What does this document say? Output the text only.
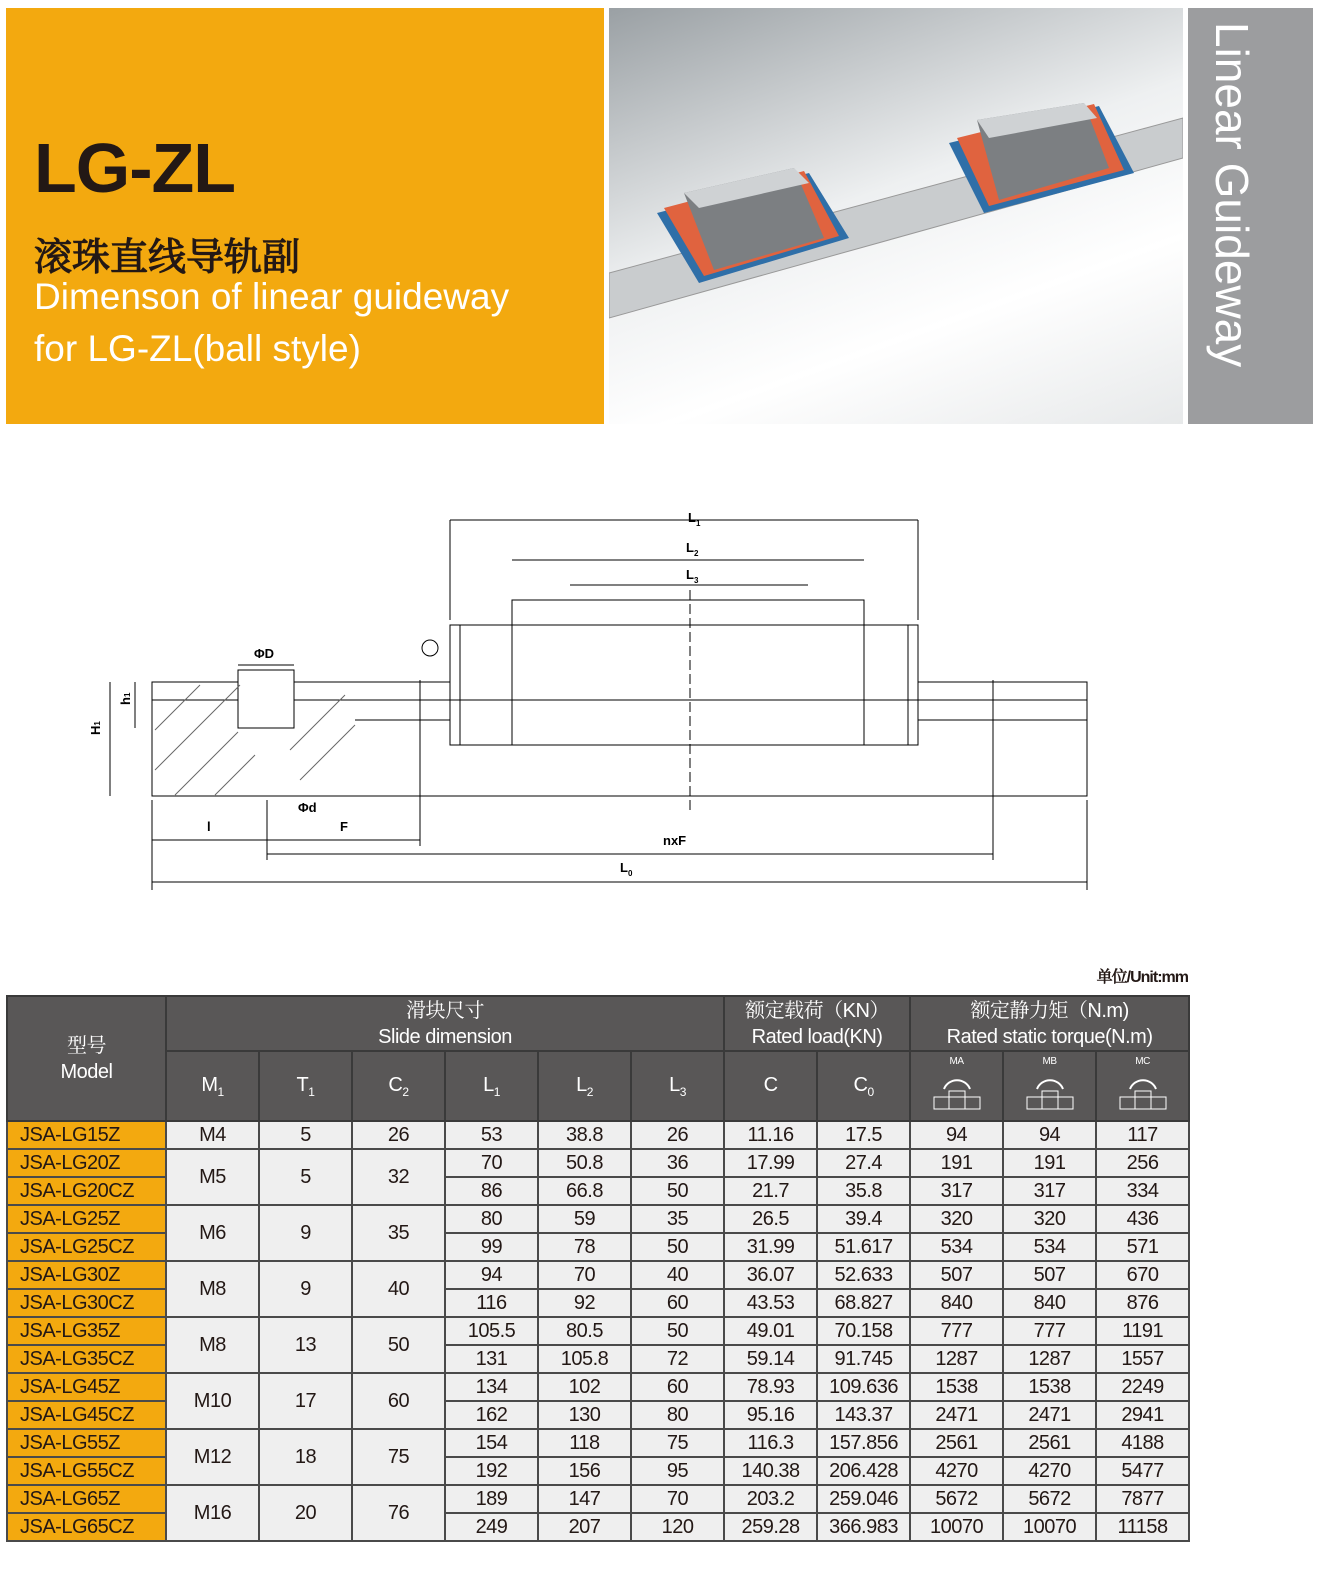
LG-ZL
滚珠直线导轨副
Dimenson of linear guideway
for LG-ZL(ball style)	Linear Guideway
$L_1$
$L_2$
$L_3$
ΦD
h1
H1
Φd
l	F
nxF
$L_0$
单位/Unit:mm
型号
Model	滑块尺寸
Slide dimension						额定载荷（KN）
Rated load(KN)		额定静力矩（N.m)
Rated static torque(N.m)		
	$M_1$	$T_1$	$C_2$	$L_1$	$L_2$	$L_3$	C	$C_0$	MA	MB	MC

JSA-LG15Z	M4	5	26	53	38.8	26	11.16	17.5	94	94	117
JSA-LG20Z	M5	5	32	70	50.8	36	17.99	27.4	191	191	256
JSA-LG20CZ				86	66.8	50	21.7	35.8	317	317	334
JSA-LG25Z	M6	9	35	80	59	35	26.5	39.4	320	320	436
JSA-LG25CZ				99	78	50	31.99	51.617	534	534	571
JSA-LG30Z	M8	9	40	94	70	40	36.07	52.633	507	507	670
JSA-LG30CZ				116	92	60	43.53	68.827	840	840	876
JSA-LG35Z	M8	13	50	105.5	80.5	50	49.01	70.158	777	777	1191
JSA-LG35CZ				131	105.8	72	59.14	91.745	1287	1287	1557
JSA-LG45Z	M10	17	60	134	102	60	78.93	109.636	1538	1538	2249
JSA-LG45CZ				162	130	80	95.16	143.37	2471	2471	2941
JSA-LG55Z	M12	18	75	154	118	75	116.3	157.856	2561	2561	4188
JSA-LG55CZ				192	156	95	140.38	206.428	4270	4270	5477
JSA-LG65Z	M16	20	76	189	147	70	203.2	259.046	5672	5672	7877
JSA-LG65CZ				249	207	120	259.28	366.983	10070	10070	11158
